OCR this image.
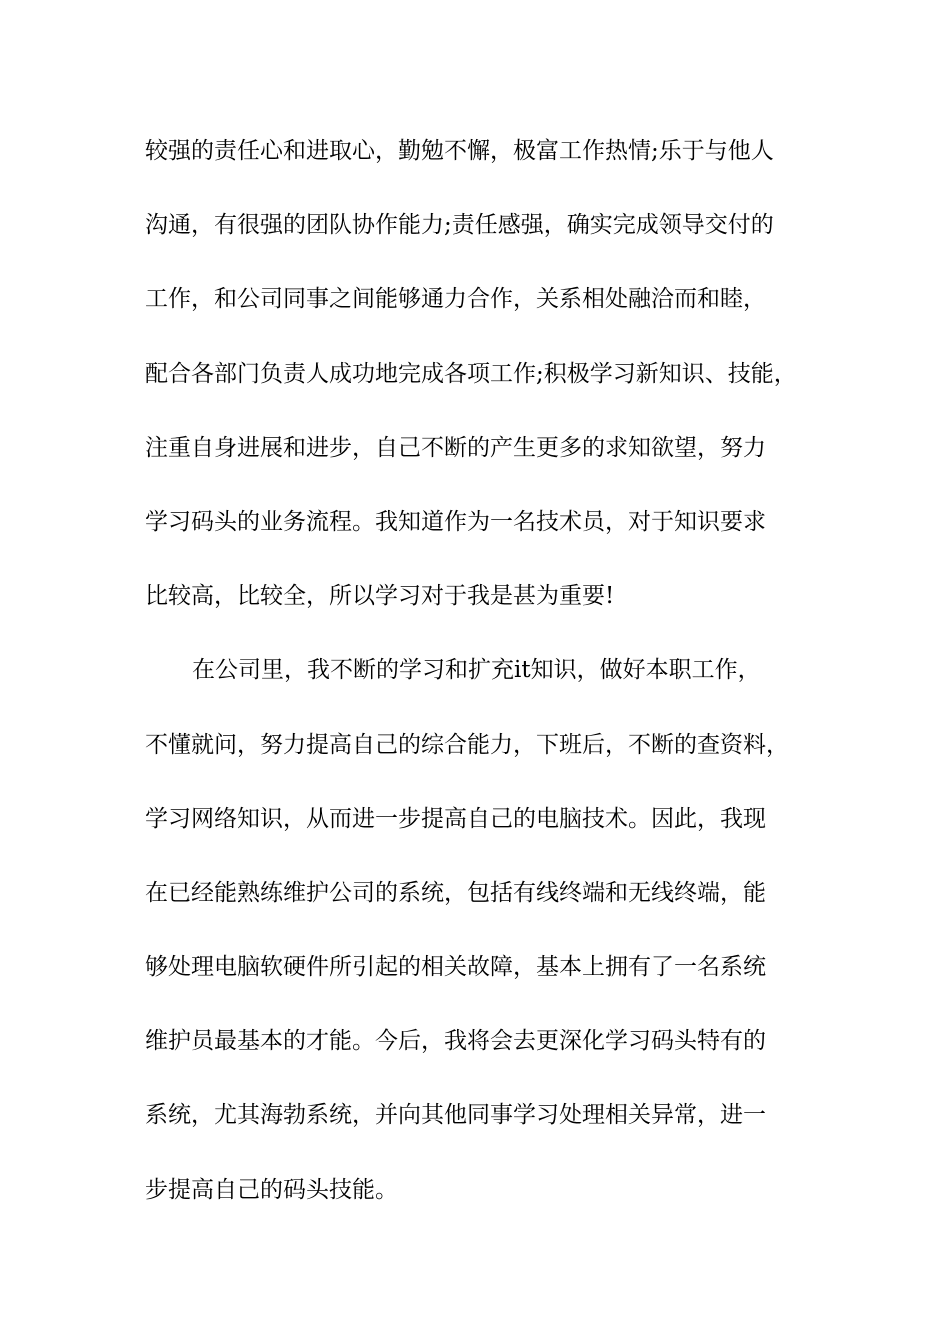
较强的责任心和进取心，勤勉不懈，极富工作热情;乐于与他人
沟通，有很强的团队协作能力;责任感强，确实完成领导交付的
工作，和公司同事之间能够通力合作，关系相处融洽而和睦，
配合各部门负责人成功地完成各项工作;积极学习新知识、技能，
注重自身进展和进步，自己不断的产生更多的求知欲望，努力
学习码头的业务流程。我知道作为一名技术员，对于知识要求
比较高，比较全，所以学习对于我是甚为重要!
在公司里，我不断的学习和扩充it知识，做好本职工作，
不懂就问，努力提高自己的综合能力，下班后，不断的查资料，
学习网络知识，从而进一步提高自己的电脑技术。因此，我现
在已经能熟练维护公司的系统，包括有线终端和无线终端，能
够处理电脑软硬件所引起的相关故障，基本上拥有了一名系统
维护员最基本的才能。今后，我将会去更深化学习码头特有的
系统，尤其海勃系统，并向其他同事学习处理相关异常，进一
步提高自己的码头技能。
